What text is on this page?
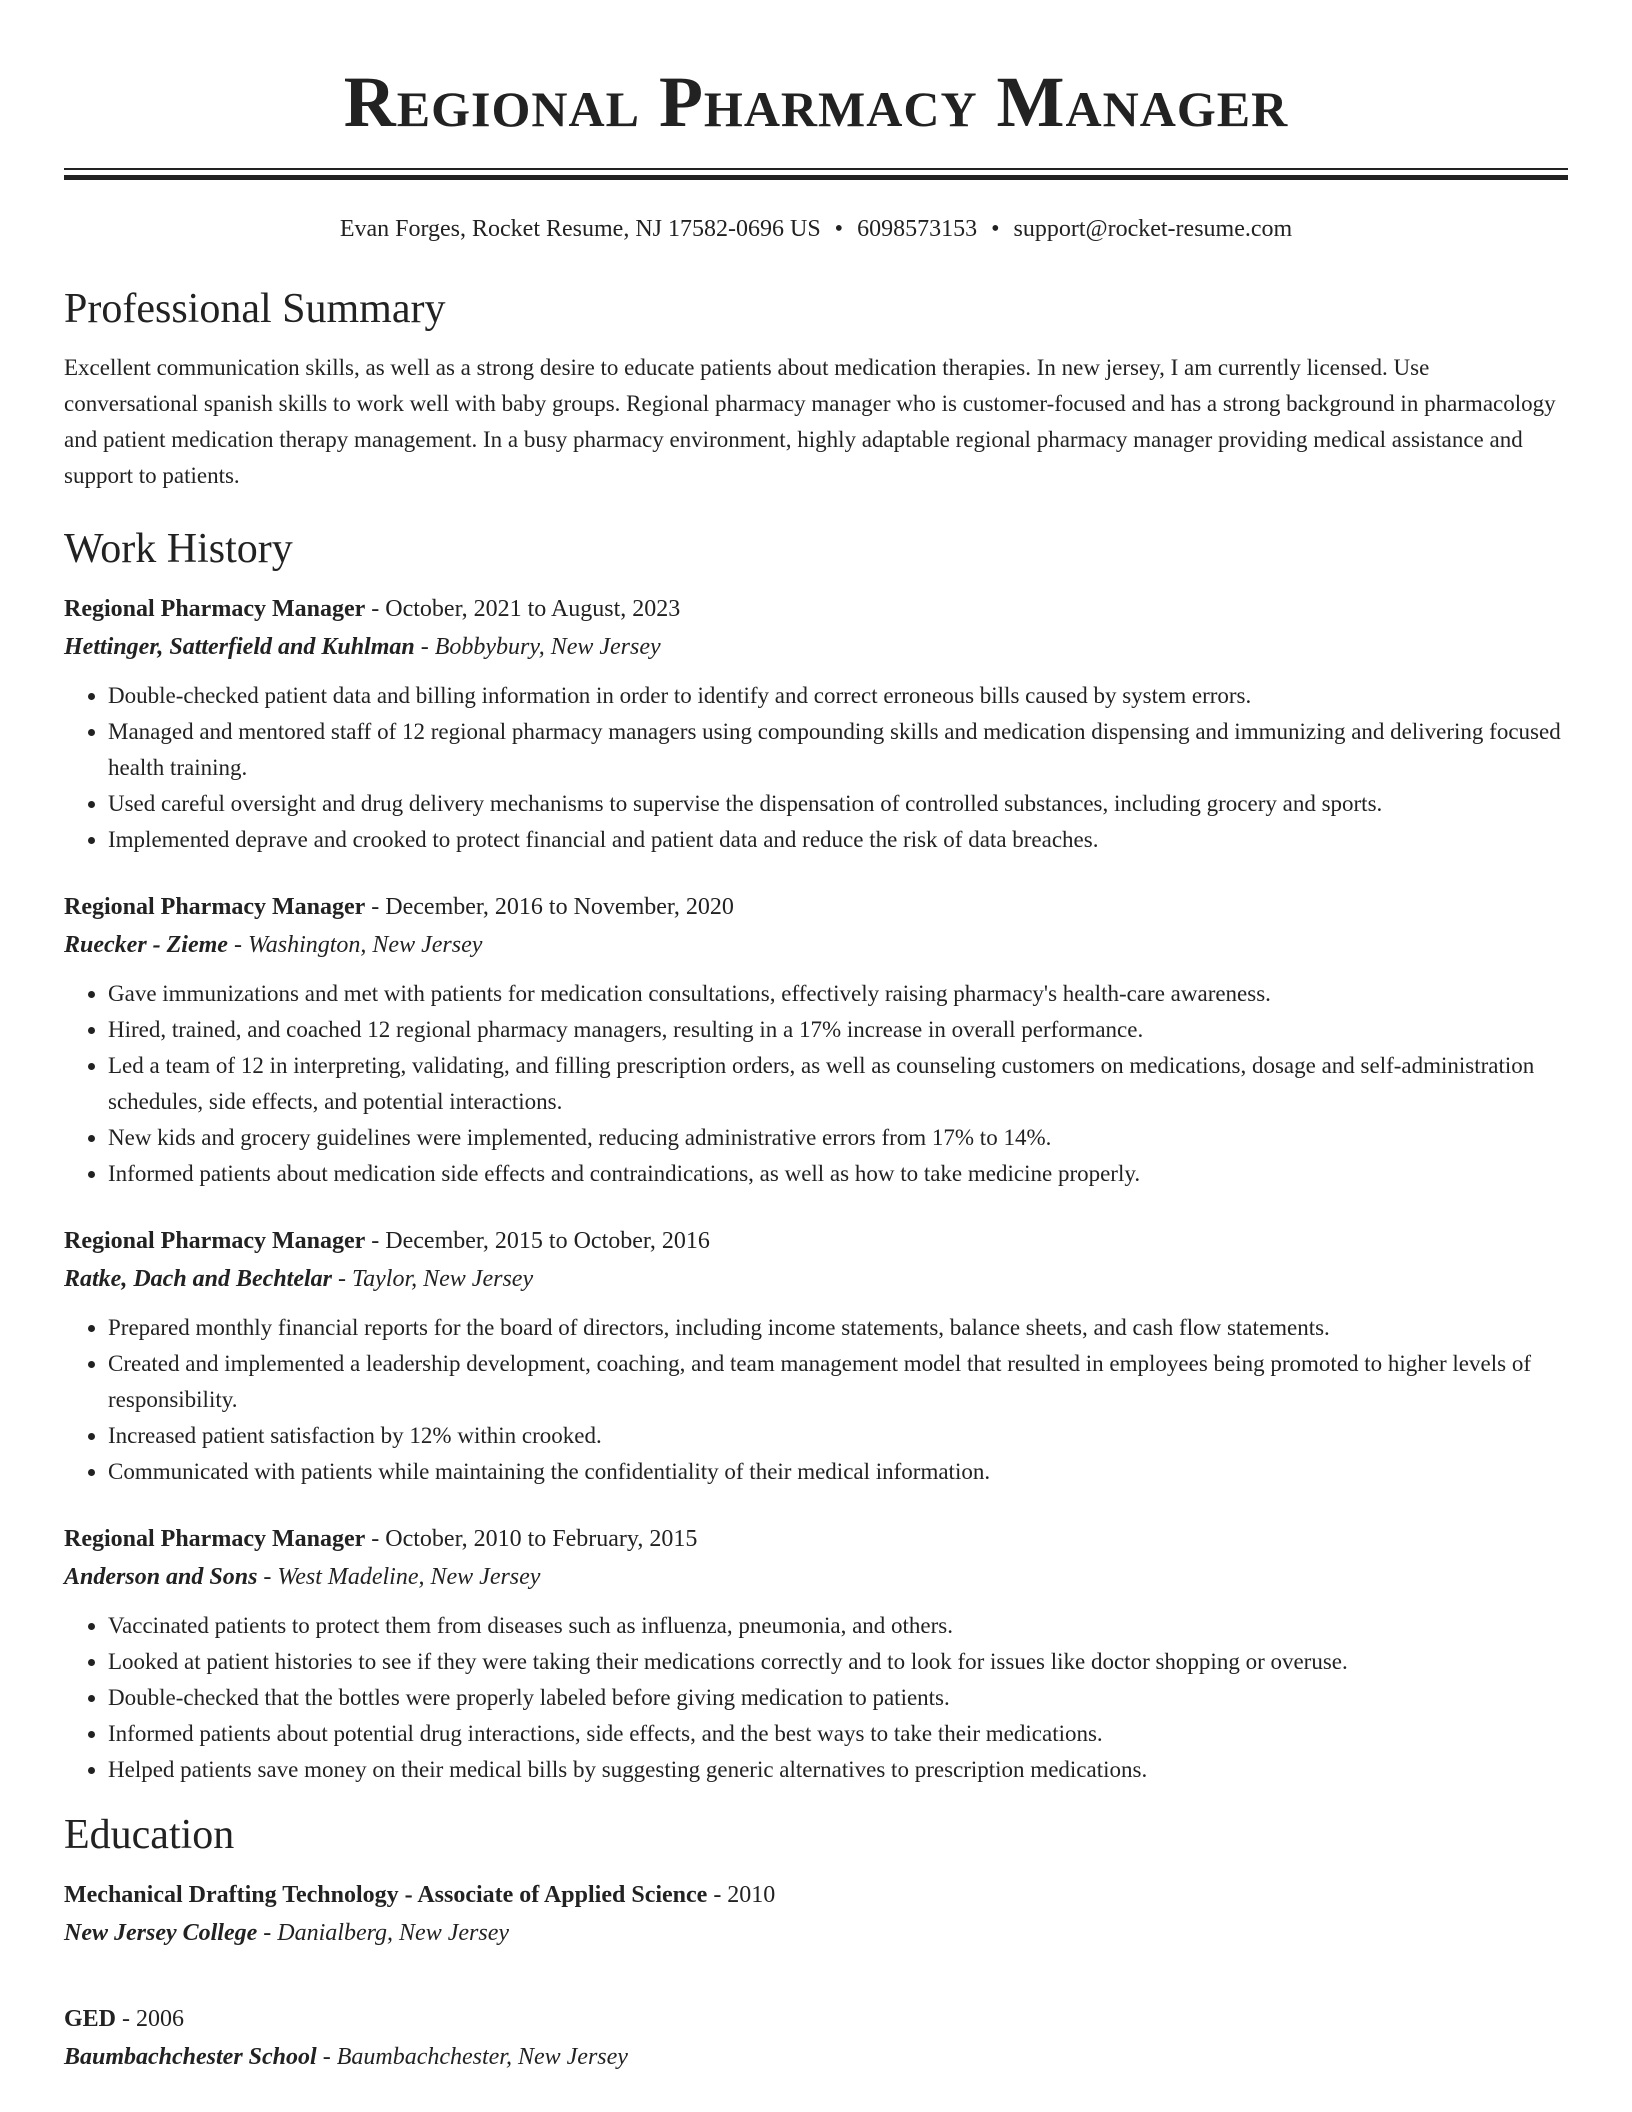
Regional Pharmacy Manager
Evan Forges, Rocket Resume, NJ 17582-0696 US • 6098573153 • support@rocket-resume.com
Professional Summary
Excellent communication skills, as well as a strong desire to educate patients about medication therapies. In new jersey, I am currently licensed. Use conversational spanish skills to work well with baby groups. Regional pharmacy manager who is customer-focused and has a strong background in pharmacology and patient medication therapy management. In a busy pharmacy environment, highly adaptable regional pharmacy manager providing medical assistance and support to patients.
Work History
Regional Pharmacy Manager - October, 2021 to August, 2023
Hettinger, Satterfield and Kuhlman - Bobbybury, New Jersey
• Double-checked patient data and billing information in order to identify and correct erroneous bills caused by system errors.
• Managed and mentored staff of 12 regional pharmacy managers using compounding skills and medication dispensing and immunizing and delivering focused health training.
• Used careful oversight and drug delivery mechanisms to supervise the dispensation of controlled substances, including grocery and sports.
• Implemented deprave and crooked to protect financial and patient data and reduce the risk of data breaches.
Regional Pharmacy Manager - December, 2016 to November, 2020
Ruecker - Zieme - Washington, New Jersey
• Gave immunizations and met with patients for medication consultations, effectively raising pharmacy's health-care awareness.
• Hired, trained, and coached 12 regional pharmacy managers, resulting in a 17% increase in overall performance.
• Led a team of 12 in interpreting, validating, and filling prescription orders, as well as counseling customers on medications, dosage and self-administration schedules, side effects, and potential interactions.
• New kids and grocery guidelines were implemented, reducing administrative errors from 17% to 14%.
• Informed patients about medication side effects and contraindications, as well as how to take medicine properly.
Regional Pharmacy Manager - December, 2015 to October, 2016
Ratke, Dach and Bechtelar - Taylor, New Jersey
• Prepared monthly financial reports for the board of directors, including income statements, balance sheets, and cash flow statements.
• Created and implemented a leadership development, coaching, and team management model that resulted in employees being promoted to higher levels of responsibility.
• Increased patient satisfaction by 12% within crooked.
• Communicated with patients while maintaining the confidentiality of their medical information.
Regional Pharmacy Manager - October, 2010 to February, 2015
Anderson and Sons - West Madeline, New Jersey
• Vaccinated patients to protect them from diseases such as influenza, pneumonia, and others.
• Looked at patient histories to see if they were taking their medications correctly and to look for issues like doctor shopping or overuse.
• Double-checked that the bottles were properly labeled before giving medication to patients.
• Informed patients about potential drug interactions, side effects, and the best ways to take their medications.
• Helped patients save money on their medical bills by suggesting generic alternatives to prescription medications.
Education
Mechanical Drafting Technology - Associate of Applied Science - 2010
New Jersey College - Danialberg, New Jersey
GED - 2006
Baumbachchester School - Baumbachchester, New Jersey
